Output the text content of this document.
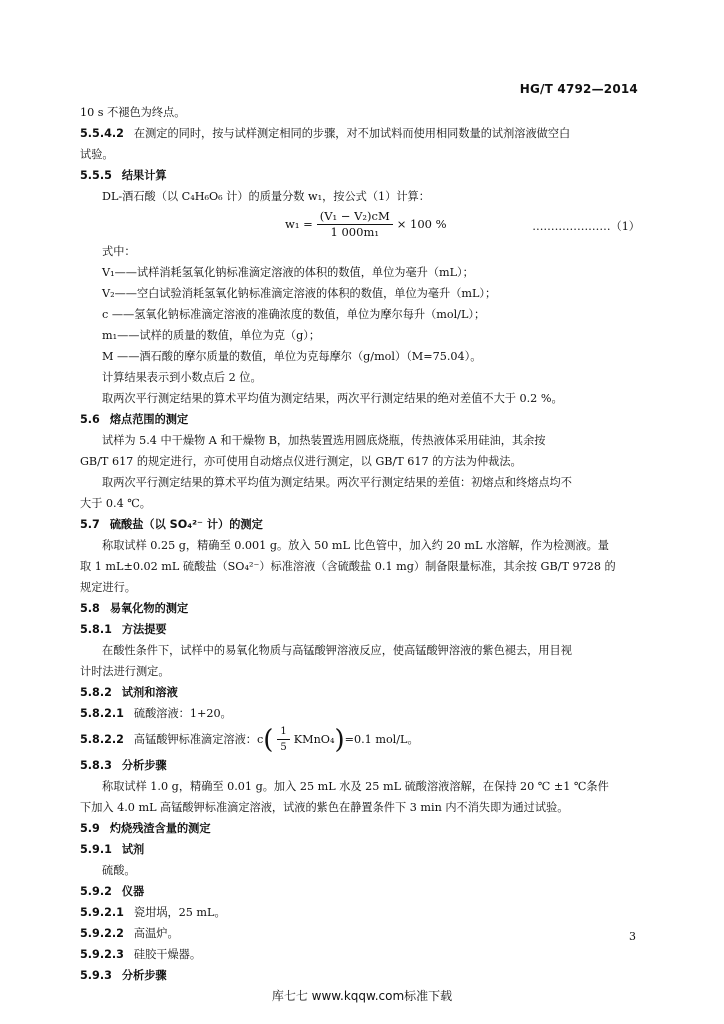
HG/T 4792—2014

10 s 不褪色为终点。

5.5.4.2 在测定的同时，按与试样测定相同的步骤，对不加试料而使用相同数量的试剂溶液做空白

试验。

5.5.5 结果计算

DL-酒石酸（以 C₄H₆O₆ 计）的质量分数 w₁，按公式（1）计算：

$w_1 = \frac{\text{(V₁ − V₂)cM}}{\text{1 000m₁}} \times 100$ %	…………………（1）

式中：

V₁——试样消耗氢氧化钠标准滴定溶液的体积的数值，单位为毫升（mL）；

V₂——空白试验消耗氢氧化钠标准滴定溶液的体积的数值，单位为毫升（mL）；

c ——氢氧化钠标准滴定溶液的准确浓度的数值，单位为摩尔每升（mol/L）；

m₁——试样的质量的数值，单位为克（g）；

M ——酒石酸的摩尔质量的数值，单位为克每摩尔（g/mol）（M=75.04）。

计算结果表示到小数点后 2 位。

取两次平行测定结果的算术平均值为测定结果，两次平行测定结果的绝对差值不大于 0.2 %。

5.6 熔点范围的测定

试样为 5.4 中干燥物 A 和干燥物 B，加热装置选用圆底烧瓶，传热液体采用硅油，其余按

GB/T 617 的规定进行，亦可使用自动熔点仪进行测定，以 GB/T 617 的方法为仲裁法。

取两次平行测定结果的算术平均值为测定结果。两次平行测定结果的差值：初熔点和终熔点均不

大于 0.4 ℃。

5.7 硫酸盐（以 SO₄²⁻ 计）的测定

称取试样 0.25 g，精确至 0.001 g。放入 50 mL 比色管中，加入约 20 mL 水溶解，作为检测液。量

取 1 mL±0.02 mL 硫酸盐（SO₄²⁻）标准溶液（含硫酸盐 0.1 mg）制备限量标准，其余按 GB/T 9728 的

规定进行。

5.8 易氧化物的测定

5.8.1 方法提要

在酸性条件下，试样中的易氧化物质与高锰酸钾溶液反应，使高锰酸钾溶液的紫色褪去，用目视

计时法进行测定。

5.8.2 试剂和溶液

5.8.2.1 硫酸溶液：1+20。

5.8.2.2 高锰酸钾标准滴定溶液：c ( $\frac{1}{5}$ KMnO₄ ) =0.1 mol/L。

5.8.3 分析步骤

称取试样 1.0 g，精确至 0.01 g。加入 25 mL 水及 25 mL 硫酸溶液溶解，在保持 20 ℃ ±1 ℃条件

下加入 4.0 mL 高锰酸钾标准滴定溶液，试液的紫色在静置条件下 3 min 内不消失即为通过试验。

5.9 灼烧残渣含量的测定

5.9.1 试剂

硫酸。

5.9.2 仪器

5.9.2.1 瓷坩埚，25 mL。

5.9.2.2 高温炉。

5.9.2.3 硅胶干燥器。

5.9.3 分析步骤

3
库七七 www.kqqw.com标准下载
